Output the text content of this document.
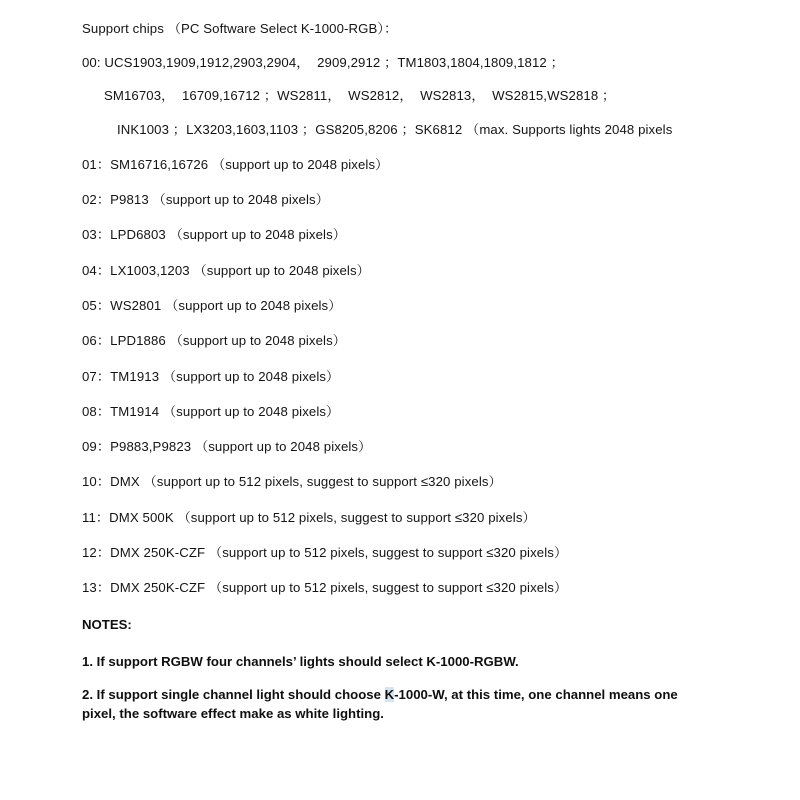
Support chips （PC Software Select K-1000-RGB）：
00: UCS1903,1909,1912,2903,2904，  2909,2912 ；TM1803,1804,1809,1812 ；
SM16703，  16709,16712 ；WS2811，  WS2812，  WS2813，  WS2815,WS2818 ；
INK1003 ；LX3203,1603,1103 ；GS8205,8206 ；SK6812 （max. Supports lights 2048 pixels
01：SM16716,16726 （support up to 2048 pixels）
02：P9813 （support up to 2048 pixels）
03：LPD6803 （support up to 2048 pixels）
04：LX1003,1203 （support up to 2048 pixels）
05：WS2801 （support up to 2048 pixels）
06：LPD1886 （support up to 2048 pixels）
07：TM1913 （support up to 2048 pixels）
08：TM1914 （support up to 2048 pixels）
09：P9883,P9823 （support up to 2048 pixels）
10：DMX （support up to 512 pixels, suggest to support ≤320 pixels）
11：DMX 500K （support up to 512 pixels, suggest to support ≤320 pixels）
12：DMX 250K-CZF （support up to 512 pixels, suggest to support ≤320 pixels）
13：DMX 250K-CZF （support up to 512 pixels, suggest to support ≤320 pixels）
NOTES:
1. If support RGBW four channels’ lights should select K-1000-RGBW.
2. If support single channel light should choose K-1000-W, at this time, one channel means one pixel, the software effect make as white lighting.
